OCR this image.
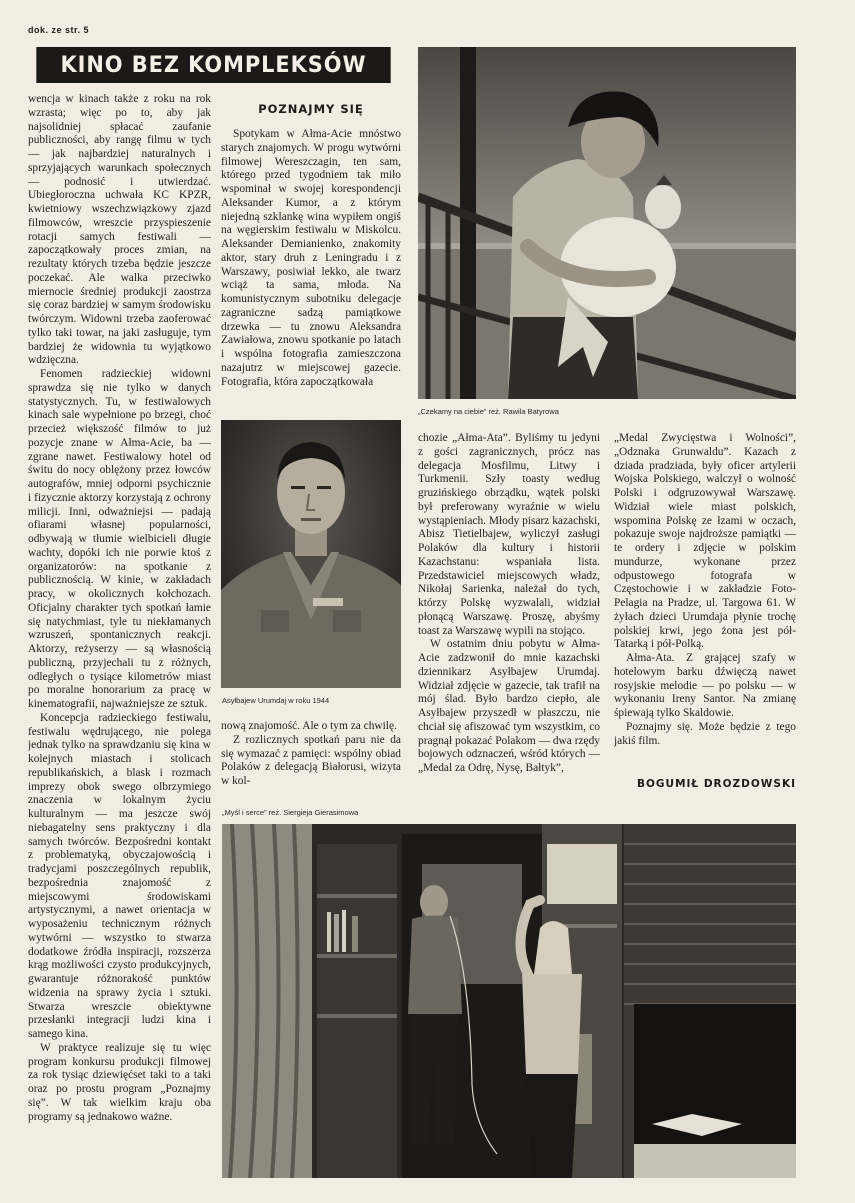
dok. ze str. 5
KINO BEZ KOMPLEKSÓW

wencja w kinach także z roku na rok wzrasta; więc po to, aby jak najsolidniej spłacać zaufanie publiczności, aby rangę filmu w tych — jak najbardziej naturalnych i sprzyjających warunkach społecznych — podnosić i utwierdzać. Ubiegłoroczna uchwała KC KPZR, kwietniowy wszechzwiązkowy zjazd filmowców, wreszcie przyspieszenie rotacji samych festiwali — zapoczątkowały proces zmian, na rezultaty których trzeba będzie jeszcze poczekać. Ale walka przeciwko miernocie średniej produkcji zaostrza się coraz bardziej w samym środowisku twórczym. Widowni trzeba zaoferować tylko taki towar, na jaki zasługuje, tym bardziej że widownia tu wyjątkowo wdzięczna.

Fenomen radzieckiej widowni sprawdza się nie tylko w danych statystycznych. Tu, w festiwalowych kinach sale wypełnione po brzegi, choć przecież większość filmów to już pozycje znane w Ałma-Acie, ba — zgrane nawet. Festiwalowy hotel od świtu do nocy oblężony przez łowców autografów, mniej odporni psychicznie i fizycznie aktorzy korzystają z ochrony milicji. Inni, odważniejsi — padają ofiarami własnej popularności, odbywają w tłumie wielbicieli długie wachty, dopóki ich nie porwie ktoś z organizatorów: na spotkanie z publicznością. W kinie, w zakładach pracy, w okolicznych kołchozach. Oficjalny charakter tych spotkań łamie się natychmiast, tyle tu niekłamanych wzruszeń, spontanicznych reakcji. Aktorzy, reżyserzy — są własnością publiczną, przyjechali tu z różnych, odległych o tysiące kilometrów miast po moralne honorarium za pracę w kinematografii, najważniejsze ze sztuk.

Koncepcja radzieckiego festiwalu, festiwalu wędrującego, nie polega jednak tylko na sprawdzaniu się kina w kolejnych miastach i stolicach republikańskich, a blask i rozmach imprezy obok swego olbrzymiego znaczenia w lokalnym życiu kulturalnym — ma jeszcze swój niebagatelny sens praktyczny i dla samych twórców. Bezpośredni kontakt z problematyką, obyczajowością i tradycjami poszczególnych republik, bezpośrednia znajomość z miejscowymi środowiskami artystycznymi, a nawet orientacja w wyposażeniu technicznym różnych wytwórni — wszystko to stwarza dodatkowe źródła inspiracji, rozszerza krąg możliwości czysto produkcyjnych, gwarantuje różnorakość punktów widzenia na sprawy życia i sztuki. Stwarza wreszcie obiektywne przesłanki integracji ludzi kina i samego kina.

W praktyce realizuje się tu więc program konkursu produkcji filmowej za rok tysiąc dziewięćset taki to a taki oraz po prostu program „Poznajmy się”. W tak wielkim kraju oba programy są jednakowo ważne.

POZNAJMY SIĘ

Spotykam w Ałma-Acie mnóstwo starych znajomych. W progu wytwórni filmowej Wereszczagin, ten sam, którego przed tygodniem tak miło wspominał w swojej korespondencji Aleksander Kumor, a z którym niejedną szklankę wina wypiłem ongiś na węgierskim festiwalu w Miskolcu. Aleksander Demianienko, znakomity aktor, stary druh z Leningradu i z Warszawy, posiwiał lekko, ale twarz wciąż ta sama, młoda. Na komunistycznym subotniku delegacje zagraniczne sadzą pamiątkowe drzewka — tu znowu Aleksandra Zawiałowa, znowu spotkanie po latach i wspólna fotografia zamieszczona nazajutrz w miejscowej gazecie. Fotografia, która zapoczątkowała

Asyłbajew Urumdaj w roku 1944

nową znajomość. Ale o tym za chwilę.

Z rozlicznych spotkań paru nie da się wymazać z pamięci: wspólny obiad Polaków z delegacją Białorusi, wizyta w kol-

„Czekamy na ciebie” reż. Rawila Batyrowa

chozie „Ałma-Ata”. Byliśmy tu jedyni z gości zagranicznych, prócz nas delegacja Mosfilmu, Litwy i Turkmenii. Szły toasty według gruzińskiego obrządku, wątek polski był preferowany wyraźnie w wielu wystąpieniach. Młody pisarz kazachski, Abisz Tietielbajew, wyliczył zasługi Polaków dla kultury i historii Kazachstanu: wspaniała lista. Przedstawiciel miejscowych władz, Nikołaj Sarienka, należał do tych, którzy Polskę wyzwalali, widział płonącą Warszawę. Proszę, abyśmy toast za Warszawę wypili na stojąco.

W ostatnim dniu pobytu w Ałma-Acie zadzwonił do mnie kazachski dziennikarz Asyłbajew Urumdaj. Widział zdjęcie w gazecie, tak trafił na mój ślad. Było bardzo ciepło, ale Asyłbajew przyszedł w płaszczu, nie chciał się afiszować tym wszystkim, co pragnął pokazać Polakom — dwa rzędy bojowych odznaczeń, wśród których — „Medal za Odrę, Nysę, Bałtyk”,

„Medal Zwycięstwa i Wolności”, „Odznaka Grunwaldu”. Kazach z dziada pradziada, były oficer artylerii Wojska Polskiego, walczył o wolność Polski i odgruzowywał Warszawę. Widział wiele miast polskich, wspomina Polskę ze łzami w oczach, pokazuje swoje najdroższe pamiątki — te ordery i zdjęcie w polskim mundurze, wykonane przez odpustowego fotografa w Częstochowie i w zakładzie Foto-Pelagia na Pradze, ul. Targowa 61. W żyłach dzieci Urumdaja płynie trochę polskiej krwi, jego żona jest pół-Tatarką i pół-Polką.

Ałma-Ata. Z grającej szafy w hotelowym barku dźwięczą nawet rosyjskie melodie — po polsku — w wykonaniu Ireny Santor. Na zmianę śpiewają tylko Skaldowie.

Poznajmy się. Może będzie z tego jakiś film.

BOGUMIŁ DROZDOWSKI
„Myśl i serce” reż. Siergieja Gierasimowa
